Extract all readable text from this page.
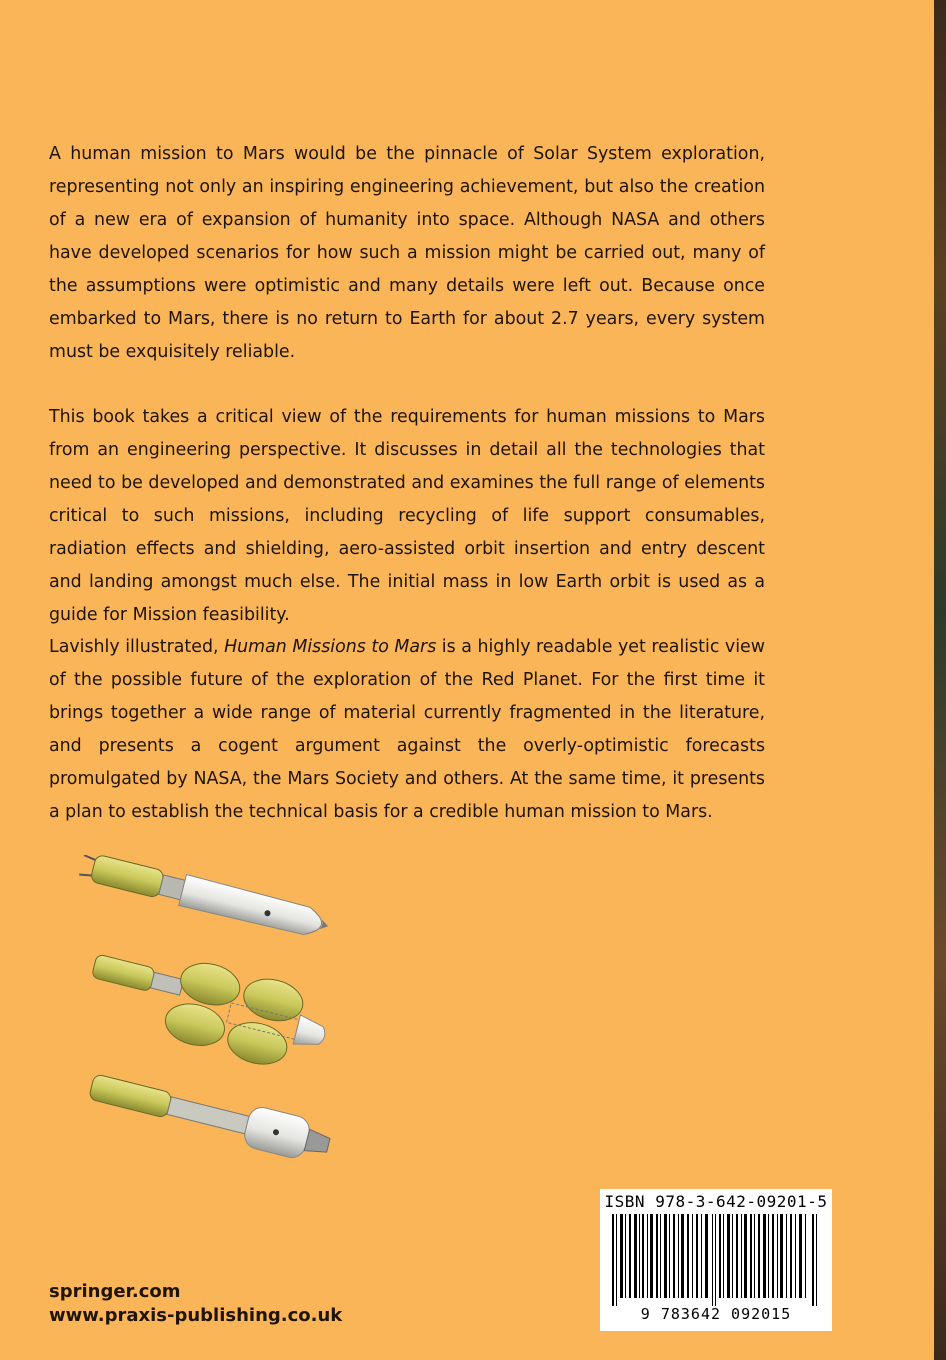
A human mission to Mars would be the pinnacle of Solar System exploration, representing not only an inspiring engineering achievement, but also the creation of a new era of expansion of humanity into space. Although NASA and others have developed scenarios for how such a mission might be carried out, many of the assumptions were optimistic and many details were left out. Because once embarked to Mars, there is no return to Earth for about 2.7 years, every system must be exquisitely reliable.

This book takes a critical view of the requirements for human missions to Mars from an engineering perspective. It discusses in detail all the technologies that need to be developed and demonstrated and examines the full range of elements critical to such missions, including recycling of life support consumables, radiation effects and shielding, aero-assisted orbit insertion and entry descent and landing amongst much else. The initial mass in low Earth orbit is used as a guide for Mission feasibility.

Lavishly illustrated, Human Missions to Mars is a highly readable yet realistic view of the possible future of the exploration of the Red Planet. For the first time it brings together a wide range of material currently fragmented in the literature, and presents a cogent argument against the overly-optimistic forecasts promulgated by NASA, the Mars Society and others. At the same time, it presents a plan to establish the technical basis for a credible human mission to Mars.

ISBN 978-3-642-09201-5
9 783642 092015
springer.com
www.praxis-publishing.co.uk
